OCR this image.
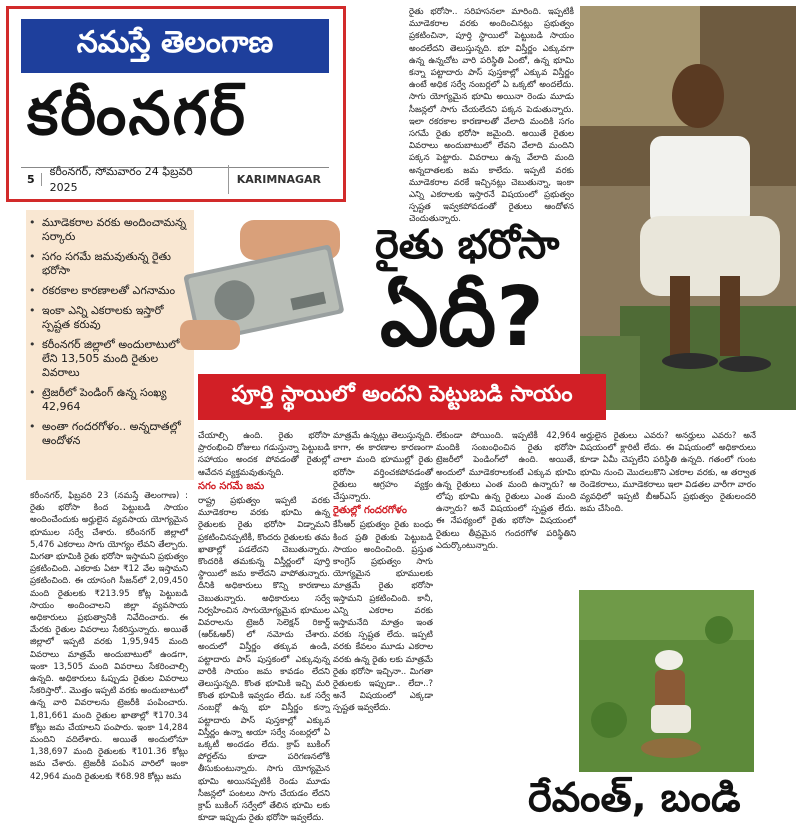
నమస్తే తెలంగాణ
కరీంనగర్
5
కరీంనగర్, సోమవారం 24 ఫిబ్రవరి 2025
KARIMNAGAR
రైతు భరోసా.. సరిహసనలా మారింది. ఇప్పటికీ మూడెకరాల వరకు అందించినట్లు ప్రభుత్వం ప్రకటించినా, పూర్తి స్థాయిలో పెట్టుబడి సాయం అందలేదని తెలుస్తున్నది. భూ విస్తీర్ణం ఎక్కువగా ఉన్న ఉన్నచోట వారి పరిస్థితి ఏంటో, ఉన్న భూమి కన్నా పట్టాదారు పాస్ పుస్తకాల్లో ఎక్కువ విస్తీర్ణం ఉంటే అధిక సర్వే నంబర్లలో ఏ ఒక్కటో అందలేదు. సాగు యోగ్యమైన భూమి అయినా రెండు మూడు సీజన్లలో సాగు చేయలేదని పక్కన పెడుతున్నారు. ఇలా రకరకాల కారణాలతో వేలాది మందికి సగం సగమే రైతు భరోసా జమైంది. అయితే రైతుల వివరాలు అందుబాటులో లేవని వేలాది మందిని పక్కన పెట్టారు. వివరాలు ఉన్న వేలాది మంది అన్నదాతలకు జమ కాలేదు. ఇప్పటి వరకు మూడెకరాల వరకే ఇచ్చినట్లు చెబుతున్నా, ఇంకా ఎన్ని ఎకరాలకు ఇస్తారనే విషయంలో ప్రభుత్వం స్పష్టత ఇవ్వకపోవడంతో రైతులు ఆందోళన చెందుతున్నారు.
• మూడెకరాల వరకు అందించామన్న సర్కారు
• సగం సగమే జమవుతున్న రైతు భరోసా
• రకరకాల కారణాలతో ఎగనామం
• ఇంకా ఎన్ని ఎకరాలకు ఇస్తారో స్పష్టత కరువు
• కరీంనగర్ జిల్లాలో అందులాటులో లేని 13,505 మంది రైతుల వివరాలు
• ట్రెజరీలో పెండింగ్ ఉన్న సంఖ్య 42,964
• అంతా గందరగోళం.. అన్నదాతల్లో ఆందోళన
రైతు భరోసా
ఏదీ?
పూర్తి స్థాయిలో అందని పెట్టుబడి సాయం
కరీంనగర్, ఫిబ్రవరి 23 (నమస్తే తెలంగాణ) : రైతు భరోసా కింద పెట్టుబడి సాయం అందించేందుకు అర్హులైన వ్యవసాయ యోగ్యమైన భూముల సర్వే చేశారు. కరీంనగర్ జిల్లాలో 5,476 ఎకరాలు సాగు యోగ్యం లేవని తేల్చారు. మిగతా భూమికి రైతు భరోసా ఇస్తామని ప్రభుత్వం ప్రకటించింది. ఎకరాకు ఏటా ₹12 వేల ఇస్తామని ప్రకటించింది. ఈ యాసంగి సీజన్‌లో 2,09,450 మంది రైతులకు ₹213.95 కోట్ల పెట్టుబడి సాయం అందించాలని జిల్లా వ్యవసాయ అధికారులు ప్రభుత్వానికి నివేదించారు. ఈ మేరకు రైతుల వివరాలు సేకరిస్తున్నారు. అయితే జిల్లాలో ఇప్పటి వరకు 1,95,945 మంది వివరాలు మాత్రమే అందుబాటులో ఉండగా, ఇంకా 13,505 మంది వివరాలు సేకరించాల్సి ఉన్నది. అధికారులు ఓప్పుడు రైతుల వివరాలు సేకరిస్తారో.. మొత్తం ఇప్పటి వరకు అందుబాటులో ఉన్న వారి వివరాలను ట్రెజరీకి పంపించారు. 1,81,661 మంది రైతుల ఖాతాల్లో ₹170.34 కోట్లు జమ చేయాలని పంపారు. ఇంకా 14,284 మందిని వదిలేశారు. అయితే అందులోనూ 1,38,697 మంది రైతులకు ₹101.36 కోట్లు జమ చేశారు. ట్రెజరీకి పంపిన వారిలో ఇంకా 42,964 మంది రైతులకు ₹68.98 కోట్లు జమ
చేయాల్సి ఉంది. రైతు భరోసా ప్రారంభించి రోజులు గడుస్తున్నా పెట్టుబడి సహాయం అందక పోవడంతో రైతుల్లో ఆవేదన వ్యక్తమవుతున్నది.
సగం సగమే జమ
రాష్ట్ర ప్రభుత్వం ఇప్పటి వరకు మూడెకరాల వరకు భూమి ఉన్న రైతులకు రైతు భరోసా విడ్నామని ప్రకటించినప్పటికీ, కొందరు రైతులకు తమ ఖాతాల్లో పడలేదని చెబుతున్నారు. కొందరికి తమకున్న విస్తీర్ణంలో పూర్తి స్థాయిలో జమ కాలేదని వాపోతున్నారు. దీనికి అధికారులు కొన్ని కారణాలు చెబుతున్నారు. అధికారులు సర్వే నిర్వహించిన సాగుయోగ్యమైన భూముల వివరాలను ట్రెజరీ సెలెక్షన్ రికార్డ్ (ఆర్ఓఆర్) లో నమోదు చేశారు. అందులో విస్తీర్ణం తక్కువ ఉండి, పట్టాదారు పాస్ పుస్తకంలో ఎక్కువున్న వారికి సాయం జమ కావడం లేదని తెలుస్తున్నది. కొంత భూమికి ఇచ్చి మరి కొంత భూమికి ఇవ్వడం లేదు. ఒక సర్వే నంబర్లో ఉన్న భూ విస్తీర్ణం కన్నా పట్టాదారు పాస్ పుస్తకాల్లో ఎక్కువ విస్తీర్ణం ఉన్నా అయా సర్వే నంబర్లలో ఏ ఒక్కటీ అందడం లేదు. క్రాప్ బుకింగ్ పోర్టల్‌ను కూడా పరిగణనలోకి తీసుకుంటున్నారు. సాగు యోగ్యమైన భూమి అయినప్పటికీ రెండు మూడు సీజన్లలో పంటలు సాగు చేయడం లేదని క్రాప్ బుకింగ్ సర్వేలో తేలిన భూమి లకు కూడా ఇప్పుడు రైతు భరోసా ఇవ్వలేదు.
మాత్రమే ఉన్నట్లు తెలుస్తున్నది. కాగా, ఈ కారణాల కారణంగా చాలా మంది భూముల్లో రైతు భరోసా వర్తించకపోవడంతో రైతులు ఆగ్రహం వ్యక్తం చేస్తున్నారు.
రైతుల్లో గందరగోళం
కేసీఆర్ ప్రభుత్వం రైతు బంధు కింద ప్రతి రైతుకు పెట్టుబడి సాయం అందించింది. ప్రస్తుత కాంగ్రెస్ ప్రభుత్వం సాగు యోగ్యమైన భూములకు మాత్రమే రైతు భరోసా ఇస్తామని ప్రకటించింది. కానీ, ఎన్ని ఎకరాల వరకు ఇస్తామనేది మాత్రం ఇంత వరకు స్పష్టత లేదు. ఇప్పటి వరకు కేవలం మూడు ఎకరాల వరకు ఉన్న రైతు లకు మాత్రమే రైతు భరోసా ఇచ్చినా.. మిగతా రైతులకు ఇప్పుడా.. లేదా..? అనే విషయంలో ఎక్కడా స్పష్టత ఇవ్వలేదు.
లేకుండా పోయింది. ఇప్పటికీ 42,964 మందికి సంబంధించిన రైతు భరోసా ట్రెజరీలో పెండింగ్‌లో ఉంది. అయితే, అందులో మూడెకరాలకంటే ఎక్కువ భూమి ఉన్న రైతులు ఎంత మంది ఉన్నారు? ఆ లోపు భూమి ఉన్న రైతులు ఎంత మంది ఉన్నారు? అనే విషయంలో స్పష్టత లేదు. ఈ నేపథ్యంలో రైతు భరోసా విషయంలో రైతులు తీవ్రమైన గందరగోళ పరిస్థితిని ఎదుర్కొంటున్నారు.
అర్హులైన రైతులు ఎవరు? అనర్హులు ఎవరు? అనే విషయంలో క్లారిటీ లేదు. ఈ విషయంలో అధికారులు కూడా ఏమీ చెప్పలేని పరిస్థితి ఉన్నది. గతంలో గుంట భూమి నుంచి మొదలుకొని ఎకరాల వరకు, ఆ తర్వాత రెండెకరాలు, మూడెకరాలు ఇలా విడతల వారీగా వారం వ్యవధిలో ఇప్పటి బీఆర్ఎస్ ప్రభుత్వం రైతులందరి జమ చేసింది.
రేవంత్, బండి
